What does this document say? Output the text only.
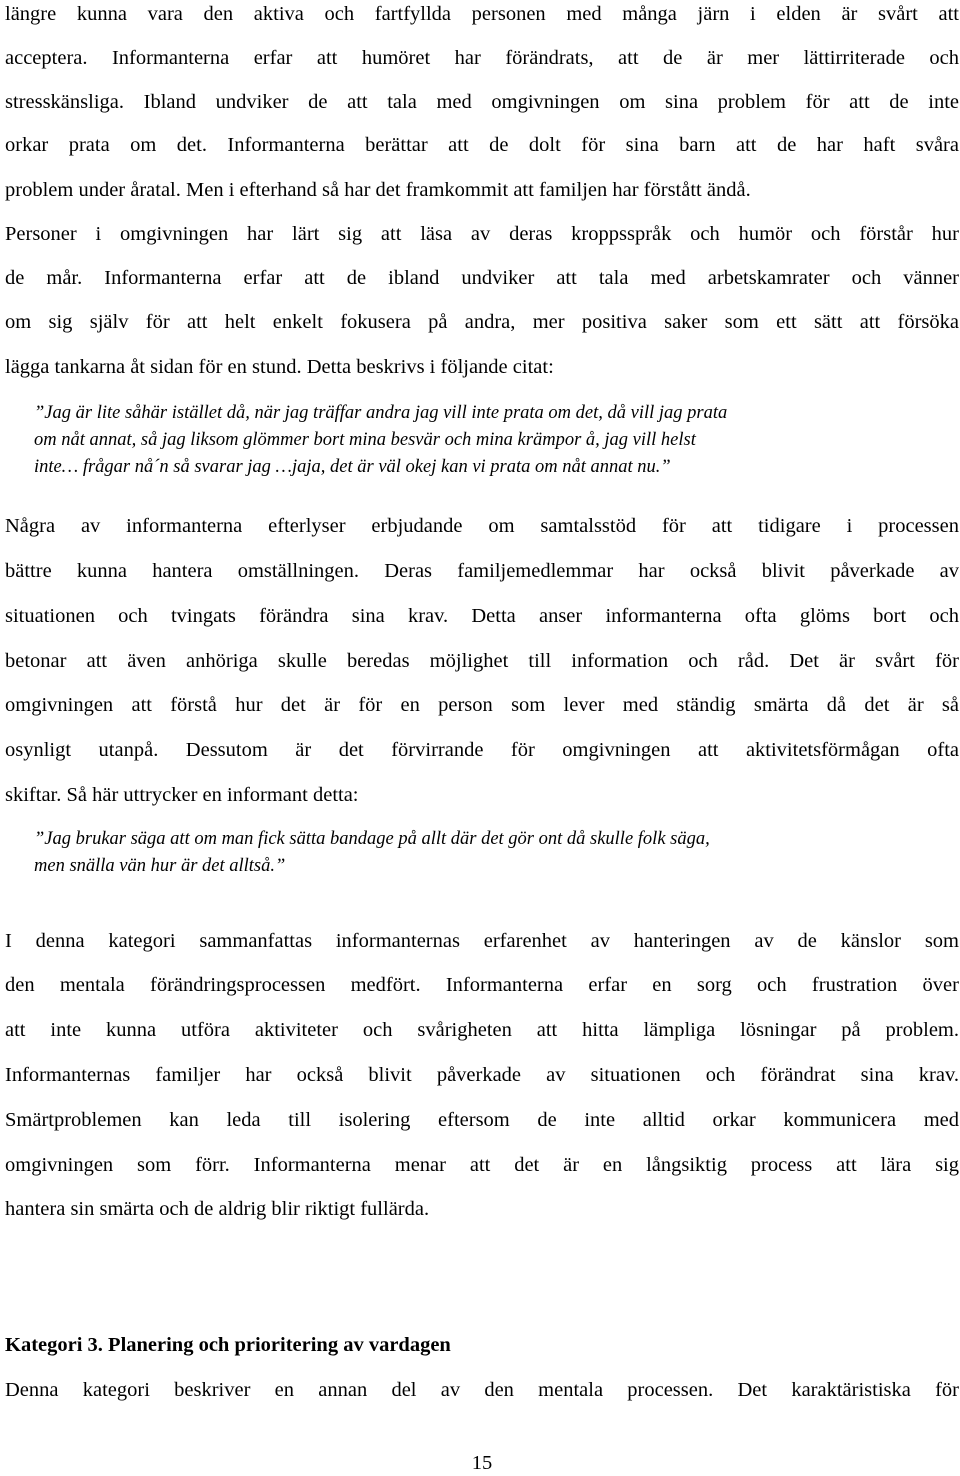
längre kunna vara den aktiva och fartfyllda personen med många järn i elden är svårt att
acceptera. Informanterna erfar att humöret har förändrats, att de är mer lättirriterade och
stresskänsliga. Ibland undviker de att tala med omgivningen om sina problem för att de inte
orkar prata om det. Informanterna berättar att de dolt för sina barn att de har haft svåra
problem under åratal. Men i efterhand så har det framkommit att familjen har förstått ändå.
Personer i omgivningen har lärt sig att läsa av deras kroppsspråk och humör och förstår hur
de mår. Informanterna erfar att de ibland undviker att tala med arbetskamrater och vänner
om sig själv för att helt enkelt fokusera på andra, mer positiva saker som ett sätt att försöka
lägga tankarna åt sidan för en stund. Detta beskrivs i följande citat:
”Jag är lite såhär istället då, när jag träffar andra jag vill inte prata om det, då vill jag prata
om nåt annat, så jag liksom glömmer bort mina besvär och mina krämpor å, jag vill helst
inte… frågar nå´n så svarar jag …jaja, det är väl okej kan vi prata om nåt annat nu.”
Några av informanterna efterlyser erbjudande om samtalsstöd för att tidigare i processen
bättre kunna hantera omställningen. Deras familjemedlemmar har också blivit påverkade av
situationen och tvingats förändra sina krav. Detta anser informanterna ofta glöms bort och
betonar att även anhöriga skulle beredas möjlighet till information och råd. Det är svårt för
omgivningen att förstå hur det är för en person som lever med ständig smärta då det är så
osynligt utanpå. Dessutom är det förvirrande för omgivningen att aktivitetsförmågan ofta
skiftar. Så här uttrycker en informant detta:
”Jag brukar säga att om man fick sätta bandage på allt där det gör ont då skulle folk säga,
men snälla vän hur är det alltså.”
I denna kategori sammanfattas informanternas erfarenhet av hanteringen av de känslor som
den mentala förändringsprocessen medfört. Informanterna erfar en sorg och frustration över
att inte kunna utföra aktiviteter och svårigheten att hitta lämpliga lösningar på problem.
Informanternas familjer har också blivit påverkade av situationen och förändrat sina krav.
Smärtproblemen kan leda till isolering eftersom de inte alltid orkar kommunicera med
omgivningen som förr. Informanterna menar att det är en långsiktig process att lära sig
hantera sin smärta och de aldrig blir riktigt fullärda.
Kategori 3. Planering och prioritering av vardagen
Denna kategori beskriver en annan del av den mentala processen. Det karaktäristiska för
15
